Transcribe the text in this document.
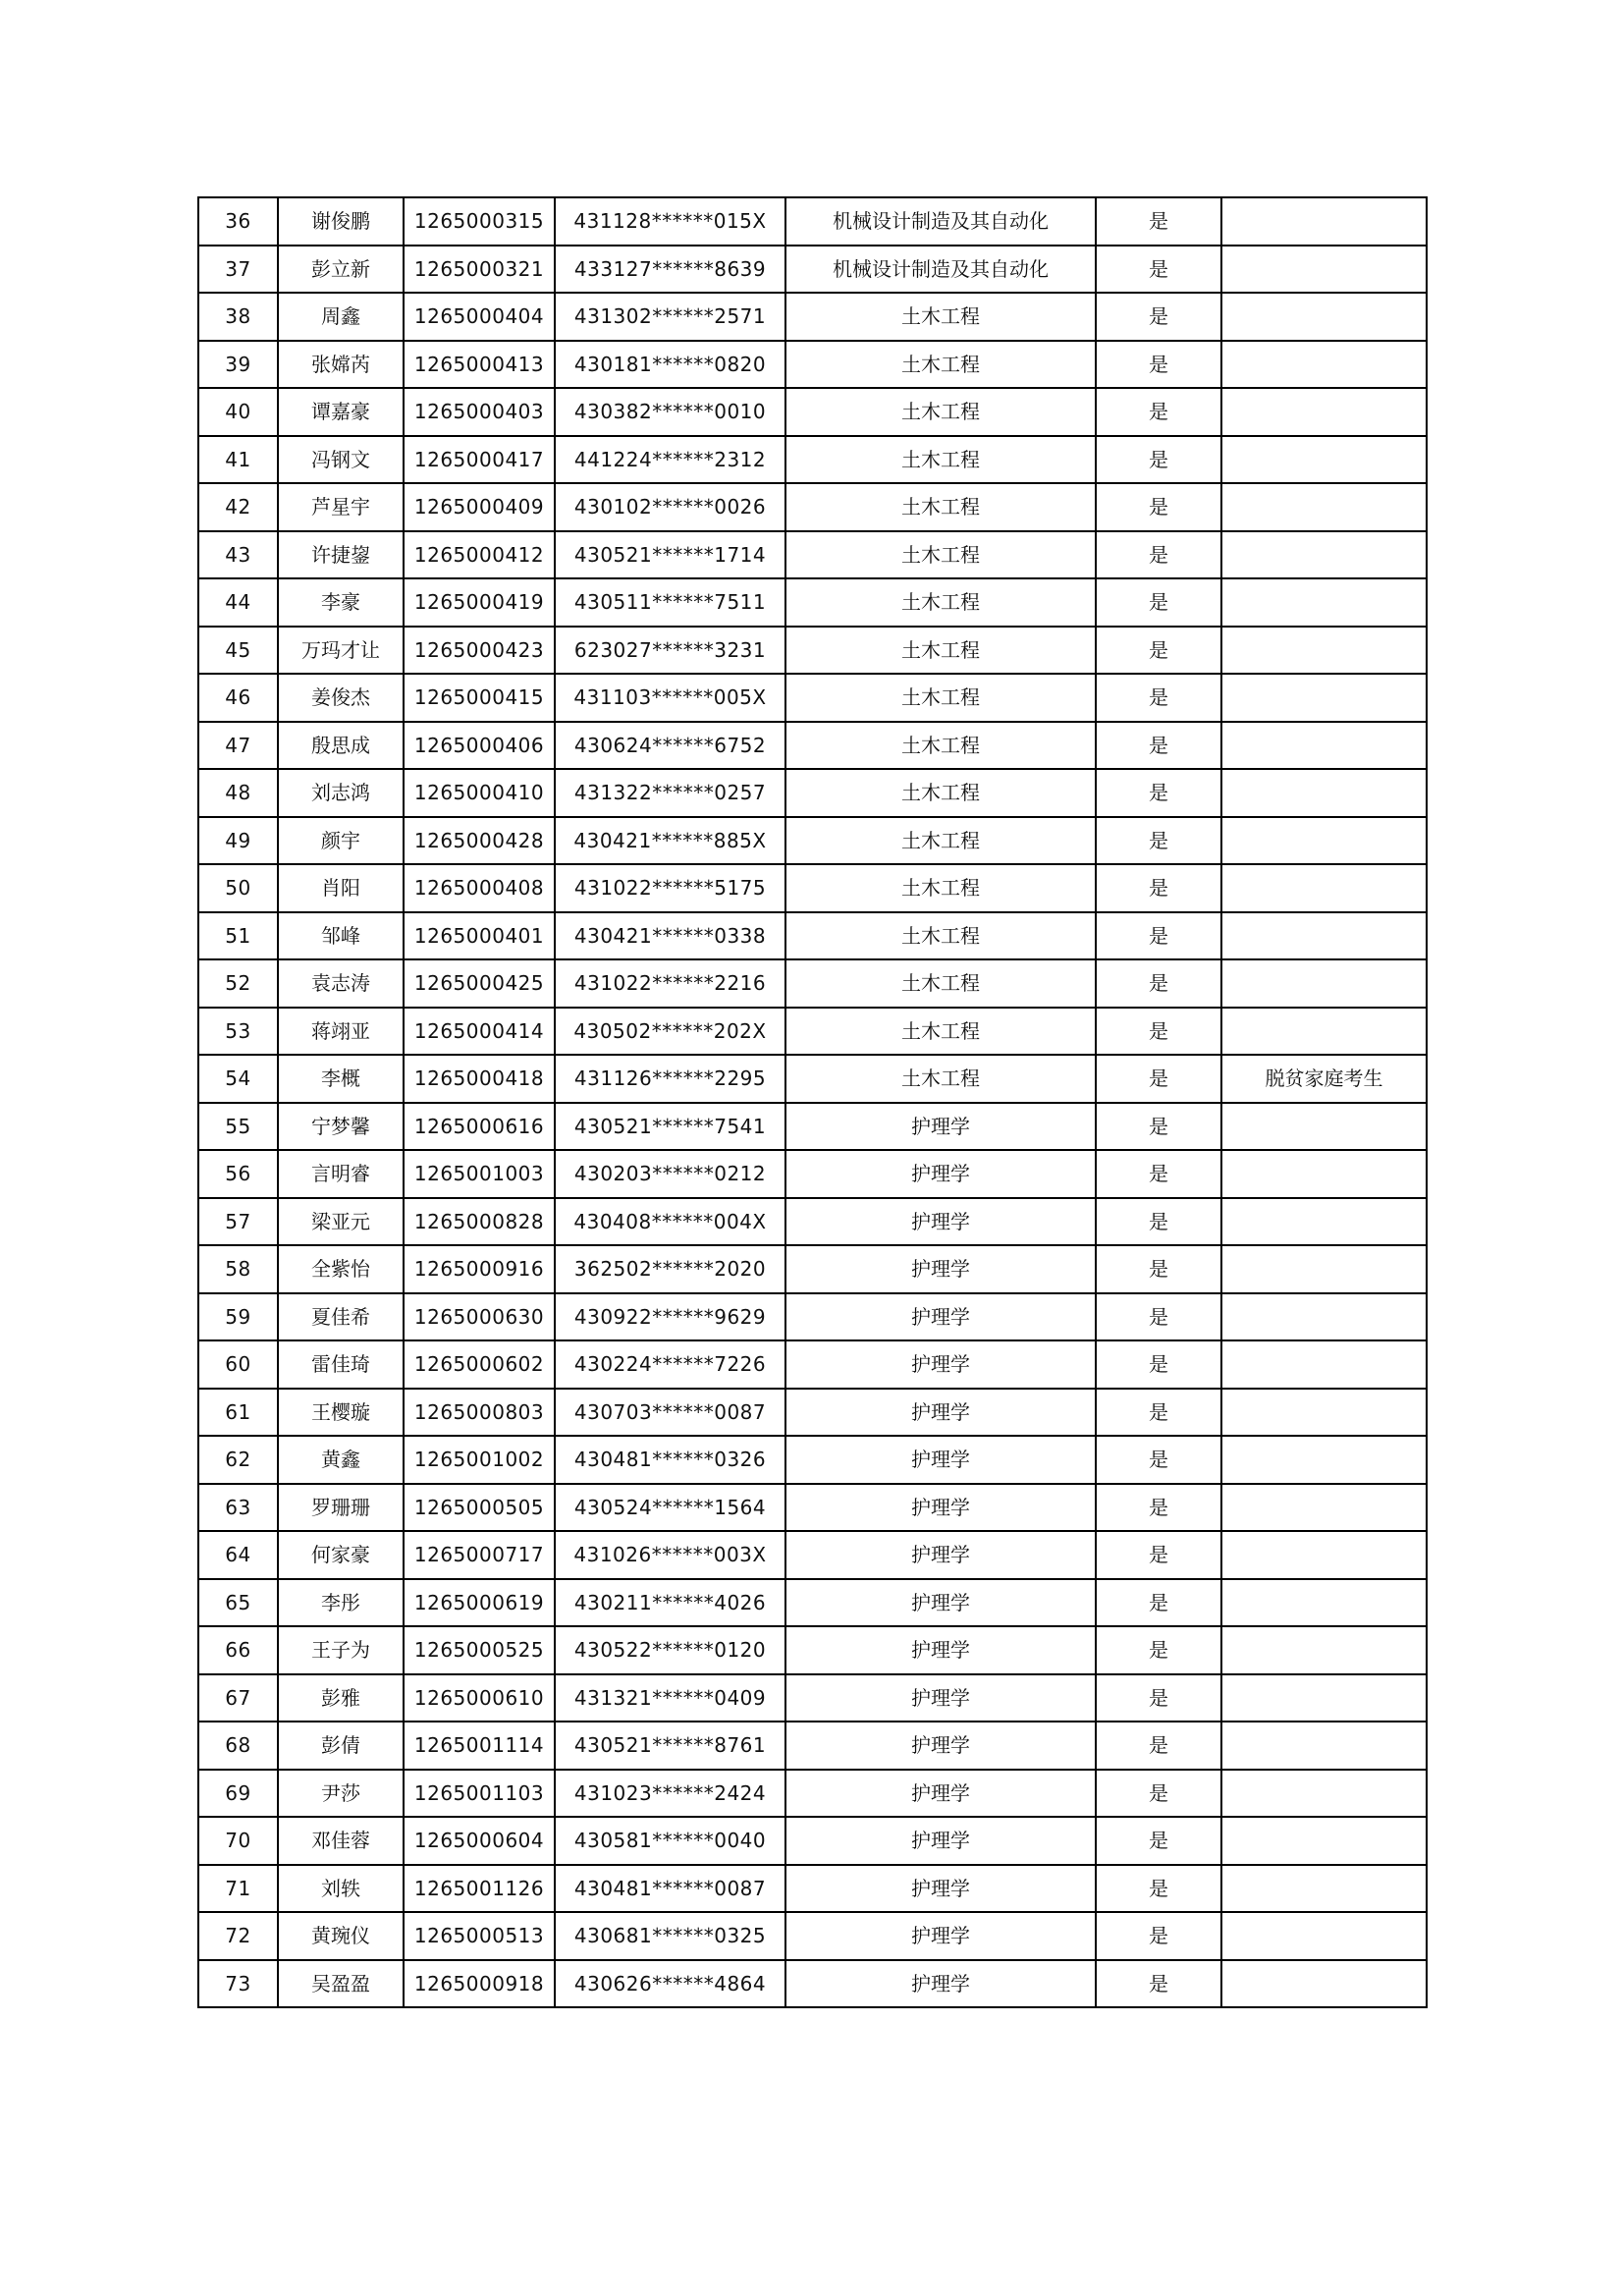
36	谢俊鹏	1265000315	431128******015X	机械设计制造及其自动化	是	
37	彭立新	1265000321	433127******8639	机械设计制造及其自动化	是	
38	周鑫	1265000404	431302******2571	土木工程	是	
39	张嫦芮	1265000413	430181******0820	土木工程	是	
40	谭嘉豪	1265000403	430382******0010	土木工程	是	
41	冯钢文	1265000417	441224******2312	土木工程	是	
42	芦星宇	1265000409	430102******0026	土木工程	是	
43	许捷鋆	1265000412	430521******1714	土木工程	是	
44	李豪	1265000419	430511******7511	土木工程	是	
45	万玛才让	1265000423	623027******3231	土木工程	是	
46	姜俊杰	1265000415	431103******005X	土木工程	是	
47	殷思成	1265000406	430624******6752	土木工程	是	
48	刘志鸿	1265000410	431322******0257	土木工程	是	
49	颜宇	1265000428	430421******885X	土木工程	是	
50	肖阳	1265000408	431022******5175	土木工程	是	
51	邹峰	1265000401	430421******0338	土木工程	是	
52	袁志涛	1265000425	431022******2216	土木工程	是	
53	蒋翊亚	1265000414	430502******202X	土木工程	是	
54	李概	1265000418	431126******2295	土木工程	是	脱贫家庭考生
55	宁梦馨	1265000616	430521******7541	护理学	是	
56	言明睿	1265001003	430203******0212	护理学	是	
57	梁亚元	1265000828	430408******004X	护理学	是	
58	全紫怡	1265000916	362502******2020	护理学	是	
59	夏佳希	1265000630	430922******9629	护理学	是	
60	雷佳琦	1265000602	430224******7226	护理学	是	
61	王樱璇	1265000803	430703******0087	护理学	是	
62	黄鑫	1265001002	430481******0326	护理学	是	
63	罗珊珊	1265000505	430524******1564	护理学	是	
64	何家豪	1265000717	431026******003X	护理学	是	
65	李彤	1265000619	430211******4026	护理学	是	
66	王子为	1265000525	430522******0120	护理学	是	
67	彭雅	1265000610	431321******0409	护理学	是	
68	彭倩	1265001114	430521******8761	护理学	是	
69	尹莎	1265001103	431023******2424	护理学	是	
70	邓佳蓉	1265000604	430581******0040	护理学	是	
71	刘轶	1265001126	430481******0087	护理学	是	
72	黄琬仪	1265000513	430681******0325	护理学	是	
73	吴盈盈	1265000918	430626******4864	护理学	是	
